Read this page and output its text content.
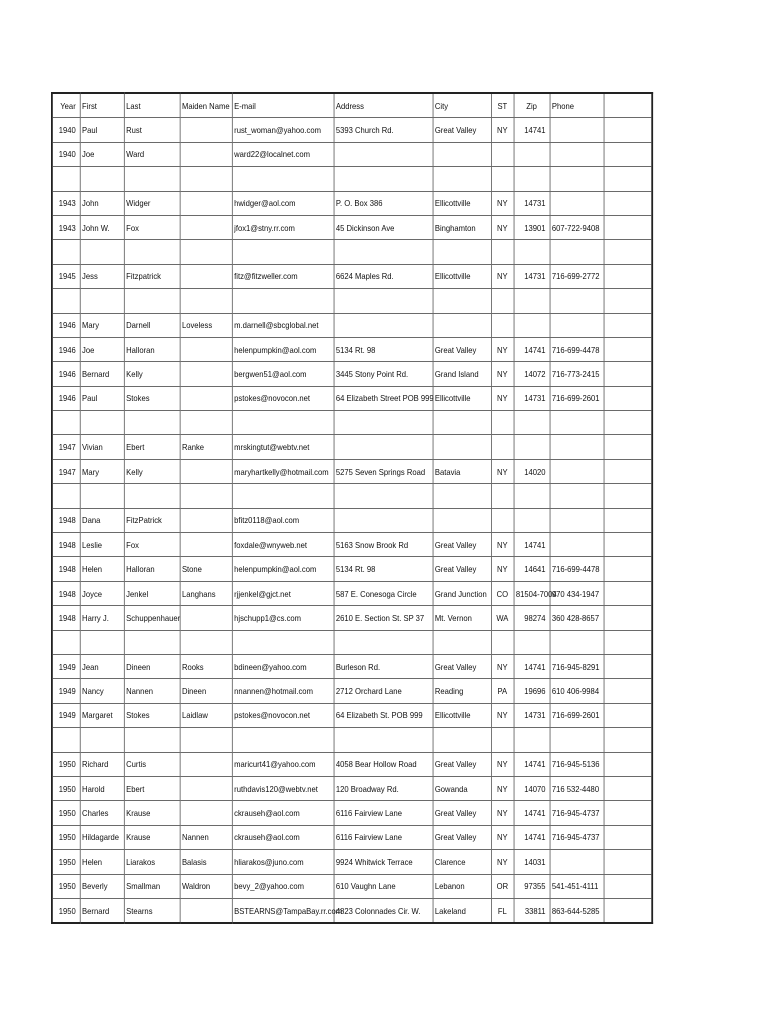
Year	First	Last	Maiden Name	E-mail	Address	City	ST	Zip	Phone	
1940	Paul	Rust		rust_woman@yahoo.com	5393 Church Rd.	Great Valley	NY	14741		
1940	Joe	Ward		ward22@localnet.com						

1943	John	Widger		hwidger@aol.com	P. O. Box 386	Ellicottville	NY	14731		
1943	John W.	Fox		jfox1@stny.rr.com	45 Dickinson Ave	Binghamton	NY	13901	607-722-9408	

1945	Jess	Fitzpatrick		fitz@fitzweller.com	6624 Maples Rd.	Ellicottville	NY	14731	716-699-2772	

1946	Mary	Darnell	Loveless	m.darnell@sbcglobal.net						
1946	Joe	Halloran		helenpumpkin@aol.com	5134 Rt. 98	Great Valley	NY	14741	716-699-4478	
1946	Bernard	Kelly		bergwen51@aol.com	3445 Stony Point Rd.	Grand Island	NY	14072	716-773-2415	
1946	Paul	Stokes		pstokes@novocon.net	64 Elizabeth Street POB 999	Ellicottville	NY	14731	716-699-2601	

1947	Vivian	Ebert	Ranke	mrskingtut@webtv.net						
1947	Mary	Kelly		maryhartkelly@hotmail.com	5275 Seven Springs Road	Batavia	NY	14020		

1948	Dana	FitzPatrick		bfitz0118@aol.com						
1948	Leslie	Fox		foxdale@wnyweb.net	5163 Snow Brook Rd	Great Valley	NY	14741		
1948	Helen	Halloran	Stone	helenpumpkin@aol.com	5134 Rt. 98	Great Valley	NY	14641	716-699-4478	
1948	Joyce	Jenkel	Langhans	rjjenkel@gjct.net	587 E. Conesoga Circle	Grand Junction	CO	81504-7004	970 434-1947	
1948	Harry J.	Schuppenhauer		hjschupp1@cs.com	2610 E. Section St. SP 37	Mt. Vernon	WA	98274	360 428-8657	

1949	Jean	Dineen	Rooks	bdineen@yahoo.com	Burleson Rd.	Great Valley	NY	14741	716-945-8291	
1949	Nancy	Nannen	Dineen	nnannen@hotmail.com	2712 Orchard Lane	Reading	PA	19696	610 406-9984	
1949	Margaret	Stokes	Laidlaw	pstokes@novocon.net	64 Elizabeth St. POB 999	Ellicottville	NY	14731	716-699-2601	

1950	Richard	Curtis		maricurt41@yahoo.com	4058 Bear Hollow Road	Great Valley	NY	14741	716-945-5136	
1950	Harold	Ebert		ruthdavis120@webtv.net	120 Broadway Rd.	Gowanda	NY	14070	716 532-4480	
1950	Charles	Krause		ckrauseh@aol.com	6116 Fairview Lane	Great Valley	NY	14741	716-945-4737	
1950	Hildagarde	Krause	Nannen	ckrauseh@aol.com	6116 Fairview Lane	Great Valley	NY	14741	716-945-4737	
1950	Helen	Liarakos	Balasis	hliarakos@juno.com	9924 Whitwick Terrace	Clarence	NY	14031		
1950	Beverly	Smallman	Waldron	bevy_2@yahoo.com	610 Vaughn Lane	Lebanon	OR	97355	541-451-4111	
1950	Bernard	Stearns		BSTEARNS@TampaBay.rr.com	4823 Colonnades Cir. W.	Lakeland	FL	33811	863-644-5285	
